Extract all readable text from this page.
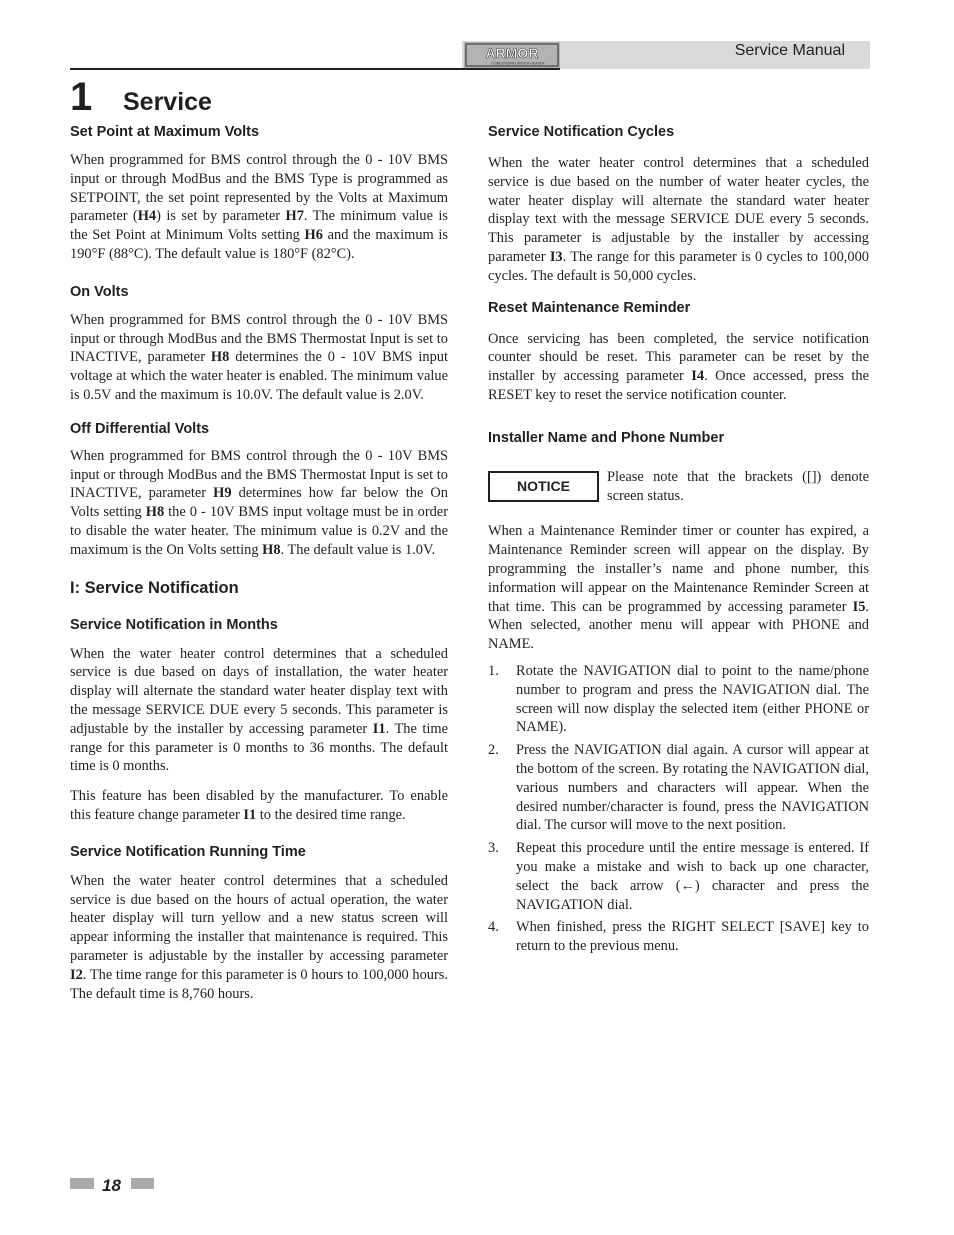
ARMOR
CONDENSING WATER HEATER
Service Manual
1 Service
Set Point at Maximum Volts

When programmed for BMS control through the 0 - 10V BMS input or through ModBus and the BMS Type is programmed as SETPOINT, the set point represented by the Volts at Maximum parameter (H4) is set by parameter H7. The minimum value is the Set Point at Minimum Volts setting H6 and the maximum is 190°F (88°C). The default value is 180°F (82°C).

On Volts

When programmed for BMS control through the 0 - 10V BMS input or through ModBus and the BMS Thermostat Input is set to INACTIVE, parameter H8 determines the 0 - 10V BMS input voltage at which the water heater is enabled. The minimum value is 0.5V and the maximum is 10.0V. The default value is 2.0V.

Off Differential Volts

When programmed for BMS control through the 0 - 10V BMS input or through ModBus and the BMS Thermostat Input is set to INACTIVE, parameter H9 determines how far below the On Volts setting H8 the 0 - 10V BMS input voltage must be in order to disable the water heater. The minimum value is 0.2V and the maximum is the On Volts setting H8. The default value is 1.0V.

I: Service Notification
Service Notification in Months

When the water heater control determines that a scheduled service is due based on days of installation, the water heater display will alternate the standard water heater display text with the message SERVICE DUE every 5 seconds. This parameter is adjustable by the installer by accessing parameter I1. The time range for this parameter is 0 months to 36 months. The default time is 0 months.

This feature has been disabled by the manufacturer. To enable this feature change parameter I1 to the desired time range.

Service Notification Running Time

When the water heater control determines that a scheduled service is due based on the hours of actual operation, the water heater display will turn yellow and a new status screen will appear informing the installer that maintenance is required. This parameter is adjustable by the installer by accessing parameter I2. The time range for this parameter is 0 hours to 100,000 hours. The default time is 8,760 hours.

Service Notification Cycles

When the water heater control determines that a scheduled service is due based on the number of water heater cycles, the water heater display will alternate the standard water heater display text with the message SERVICE DUE every 5 seconds. This parameter is adjustable by the installer by accessing parameter I3. The range for this parameter is 0 cycles to 100,000 cycles. The default is 50,000 cycles.

Reset Maintenance Reminder

Once servicing has been completed, the service notification counter should be reset. This parameter can be reset by the installer by accessing parameter I4. Once accessed, press the RESET key to reset the service notification counter.

Installer Name and Phone Number
NOTICE
Please note that the brackets ([]) denote screen status.

When a Maintenance Reminder timer or counter has expired, a Maintenance Reminder screen will appear on the display. By programming the installer’s name and phone number, this information will appear on the Maintenance Reminder Screen at that time. This can be programmed by accessing parameter I5. When selected, another menu will appear with PHONE and NAME.

1.	Rotate the NAVIGATION dial to point to the name/phone number to program and press the NAVIGATION dial. The screen will now display the selected item (either PHONE or NAME).
2.	Press the NAVIGATION dial again. A cursor will appear at the bottom of the screen. By rotating the NAVIGATION dial, various numbers and characters will appear. When the desired number/character is found, press the NAVIGATION dial. The cursor will move to the next position.
3.	Repeat this procedure until the entire message is entered. If you make a mistake and wish to back up one character, select the back arrow (←) character and press the NAVIGATION dial.
4.	When finished, press the RIGHT SELECT [SAVE] key to return to the previous menu.
18
